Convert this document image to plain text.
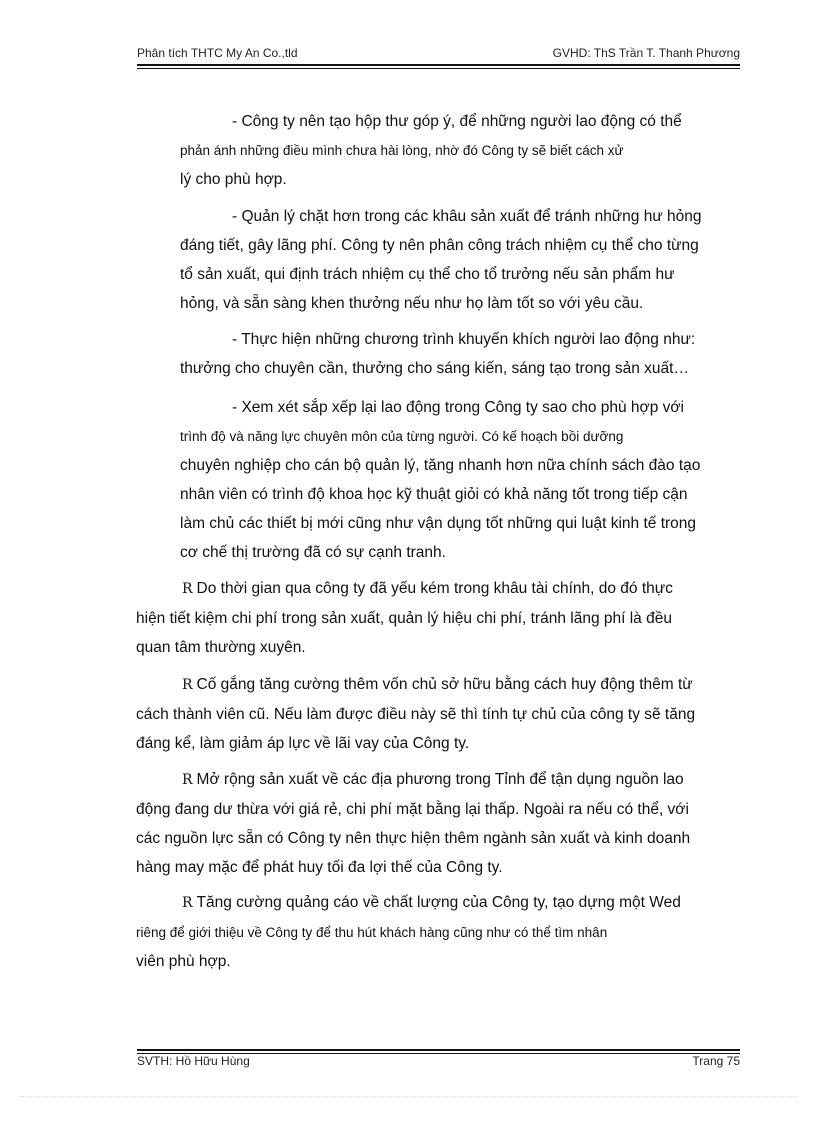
Phân tích THTC My An Co.,tld	GVHD: ThS Trần T. Thanh Phương
- Công ty nên tạo hộp thư góp ý, để những người lao động có thể
phản ánh những điều mình chưa hài lòng, nhờ đó Công ty sẽ biết cách xử
lý cho phù hợp.
- Quản lý chặt hơn trong các khâu sản xuất để tránh những hư hỏng
đáng tiết, gây lãng phí. Công ty nên phân công trách nhiệm cụ thể cho từng
tổ sản xuất, qui định trách nhiệm cụ thể cho tổ trưởng nếu sản phẩm hư
hỏng, và sẵn sàng khen thưởng nếu như họ làm tốt so với yêu cầu.
- Thực hiện những chương trình khuyến khích người lao động như:
thưởng cho chuyên cần, thưởng cho sáng kiến, sáng tạo trong sản xuất…
- Xem xét sắp xếp lại lao động trong Công ty sao cho phù hợp với
trình độ và năng lực chuyên môn của từng người. Có kế hoạch bồi dưỡng
chuyên nghiệp cho cán bộ quản lý, tăng nhanh hơn nữa chính sách đào tạo
nhân viên có trình độ khoa học kỹ thuật giỏi có khả năng tốt trong tiếp cận
làm chủ các thiết bị mới cũng như vận dụng tốt những qui luật kinh tế trong
cơ chế thị trường đã có sự cạnh tranh.
R Do thời gian qua công ty đã yếu kém trong khâu tài chính, do đó thực
hiện tiết kiệm chi phí trong sản xuất, quản lý hiệu chi phí, tránh lãng phí là đều
quan tâm thường xuyên.
R Cố gắng tăng cường thêm vốn chủ sở hữu bằng cách huy động thêm từ
cách thành viên cũ. Nếu làm được điều này sẽ thì tính tự chủ của công ty sẽ tăng
đáng kể, làm giảm áp lực về lãi vay của Công ty.
R Mở rộng sản xuất về các địa phương trong Tỉnh để tận dụng nguồn lao
động đang dư thừa với giá rẻ, chi phí mặt bằng lại thấp. Ngoài ra nếu có thể, với
các nguồn lực sẵn có Công ty nên thực hiện thêm ngành sản xuất và kinh doanh
hàng may mặc để phát huy tối đa lợi thế của Công ty.
R Tăng cường quảng cáo về chất lượng của Công ty, tạo dựng một Wed
riêng để giới thiệu về Công ty để thu hút khách hàng cũng như có thể tìm nhân
viên phù hợp.
SVTH: Hồ Hữu Hùng	Trang 75
